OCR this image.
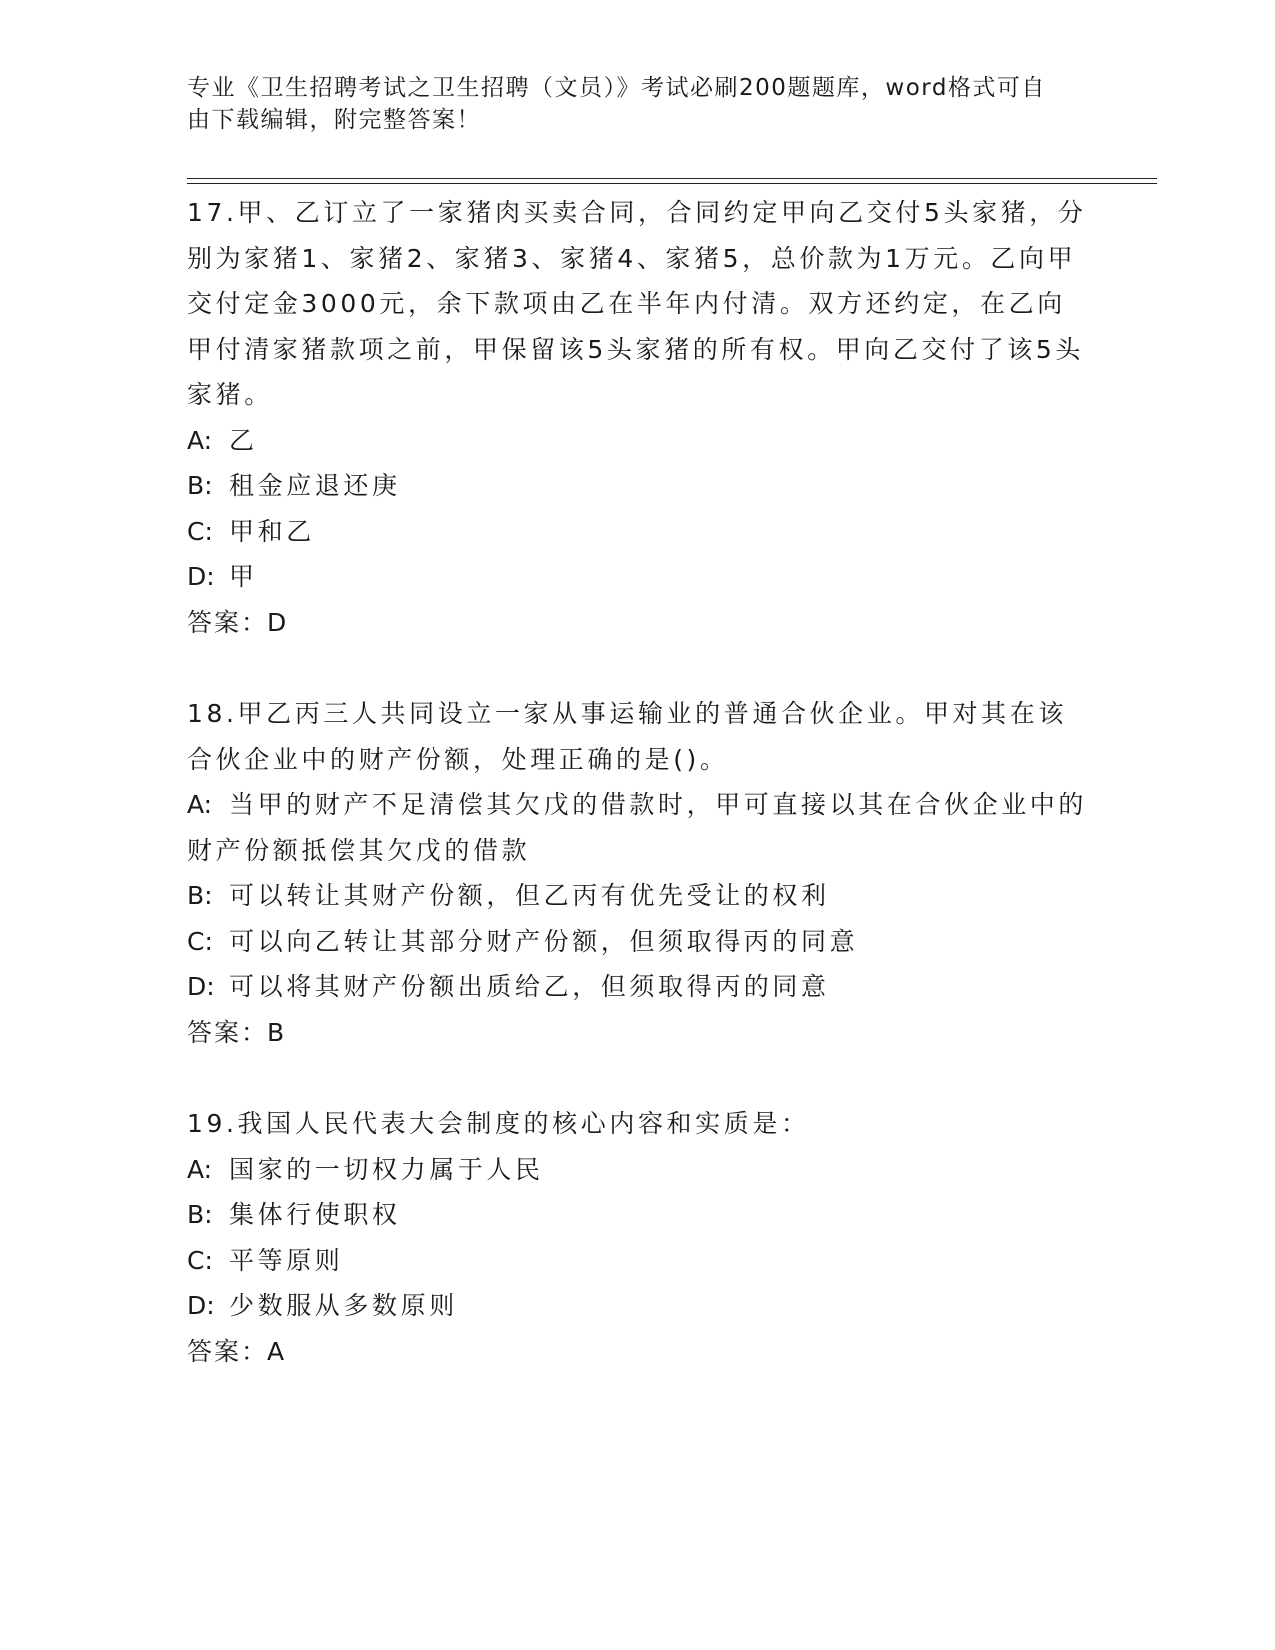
专业《卫生招聘考试之卫生招聘（文员）》考试必刷200题题库，word格式可自由下载编辑，附完整答案！

17.甲、乙订立了一家猪肉买卖合同，合同约定甲向乙交付5头家猪，分别为家猪1、家猪2、家猪3、家猪4、家猪5，总价款为1万元。乙向甲交付定金3000元，余下款项由乙在半年内付清。双方还约定，在乙向甲付清家猪款项之前，甲保留该5头家猪的所有权。甲向乙交付了该5头家猪。

A: 乙

B: 租金应退还庚

C: 甲和乙

D: 甲

答案：D

18.甲乙丙三人共同设立一家从事运输业的普通合伙企业。甲对其在该合伙企业中的财产份额，处理正确的是()。

A: 当甲的财产不足清偿其欠戊的借款时，甲可直接以其在合伙企业中的财产份额抵偿其欠戊的借款

B: 可以转让其财产份额，但乙丙有优先受让的权利

C: 可以向乙转让其部分财产份额，但须取得丙的同意

D: 可以将其财产份额出质给乙，但须取得丙的同意

答案：B

19.我国人民代表大会制度的核心内容和实质是：

A: 国家的一切权力属于人民

B: 集体行使职权

C: 平等原则

D: 少数服从多数原则

答案：A
